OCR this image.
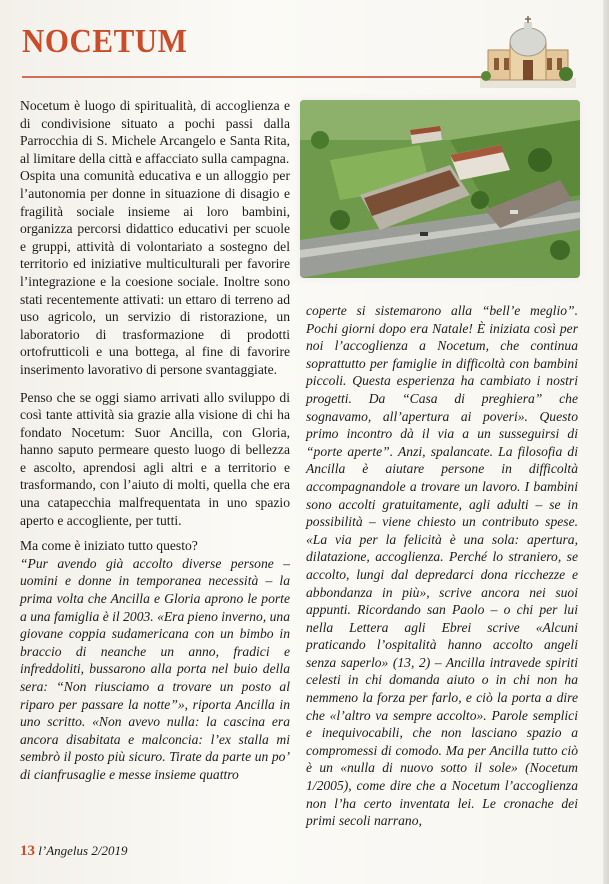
NOCETUM

Nocetum è luogo di spiritualità, di accoglienza e di condivisione situato a pochi passi dalla Parrocchia di S. Michele Arcangelo e Santa Rita, al limitare della città e affacciato sulla campagna.

Ospita una comunità educativa e un alloggio per l’autonomia per donne in situazione di disagio e fragilità sociale insieme ai loro bambini, organizza percorsi didattico educativi per scuole e gruppi, attività di volontariato a sostegno del territorio ed iniziative multiculturali per favorire l’integrazione e la coesione sociale. Inoltre sono stati recentemente attivati: un ettaro di terreno ad uso agricolo, un servizio di ristorazione, un laboratorio di trasformazione di prodotti ortofrutticoli e una bottega, al fine di favorire inserimento lavorativo di persone svantaggiate.

Penso che se oggi siamo arrivati allo sviluppo di così tante attività sia grazie alla visione di chi ha fondato Nocetum: Suor Ancilla, con Gloria, hanno saputo permeare questo luogo di bellezza e ascolto, aprendosi agli altri e a territorio e trasformando, con l’aiuto di molti, quella che era una catapecchia malfrequentata in uno spazio aperto e accogliente, per tutti.

Ma come è iniziato tutto questo?

“Pur avendo già accolto diverse persone – uomini e donne in temporanea necessità – la prima volta che Ancilla e Gloria aprono le porte a una famiglia è il 2003. «Era pieno inverno, una giovane coppia sudamericana con un bimbo in braccio di neanche un anno, fradici e infreddoliti, bussarono alla porta nel buio della sera: “Non riusciamo a trovare un posto al riparo per passare la notte”», riporta Ancilla in uno scritto. «Non avevo nulla: la cascina era ancora disabitata e malconcia: l’ex stalla mi sembrò il posto più sicuro. Tirate da parte un po’ di cianfrusaglie e messe insieme quattro

coperte si sistemarono alla “bell’e meglio”. Pochi giorni dopo era Natale! È iniziata così per noi l’accoglienza a Nocetum, che continua soprattutto per famiglie in difficoltà con bambini piccoli. Questa esperienza ha cambiato i nostri progetti. Da “Casa di preghiera” che sognavamo, all’apertura ai poveri». Questo primo incontro dà il via a un susseguirsi di “porte aperte”. Anzi, spalancate. La filosofia di Ancilla è aiutare persone in difficoltà accompagnandole a trovare un lavoro. I bambini sono accolti gratuitamente, agli adulti – se in possibilità – viene chiesto un contributo spese. «La via per la felicità è una sola: apertura, dilatazione, accoglienza. Perché lo straniero, se accolto, lungi dal depredarci dona ricchezze e abbondanza in più», scrive ancora nei suoi appunti. Ricordando san Paolo – o chi per lui nella Lettera agli Ebrei scrive «Alcuni praticando l’ospitalità hanno accolto angeli senza saperlo» (13, 2) – Ancilla intravede spiriti celesti in chi domanda aiuto o in chi non ha nemmeno la forza per farlo, e ciò la porta a dire che «l’altro va sempre accolto». Parole semplici e inequivocabili, che non lasciano spazio a compromessi di comodo. Ma per Ancilla tutto ciò è un «nulla di nuovo sotto il sole» (Nocetum 1/2005), come dire che a Nocetum l’accoglienza non l’ha certo inventata lei. Le cronache dei primi secoli narrano,

13 l’Angelus 2/2019
